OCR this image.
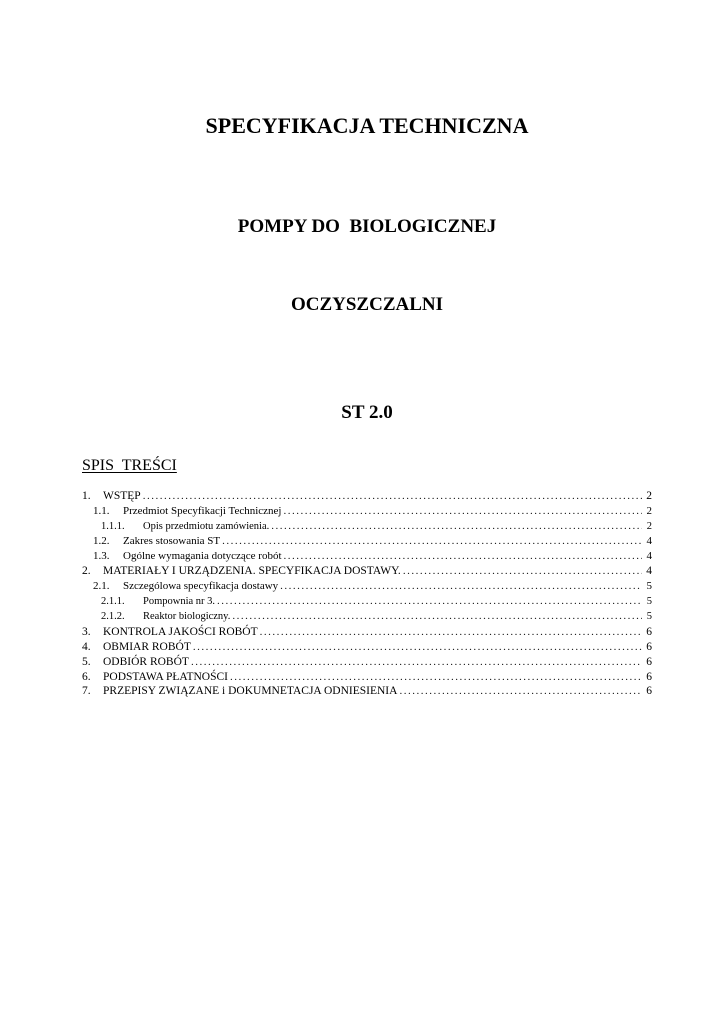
SPECYFIKACJA TECHNICZNA

POMPY DO  BIOLOGICZNEJ

OCZYSZCZALNI

ST 2.0
SPIS  TREŚCI
1.	WSTĘP .....	2
1.1.	Przedmiot Specyfikacji Technicznej .....	2
1.1.1.	Opis przedmiotu zamówienia. .....	2
1.2.	Zakres stosowania ST .....	4
1.3.	Ogólne wymagania dotyczące robót .....	4
2.	MATERIAŁY I URZĄDZENIA. SPECYFIKACJA DOSTAWY. .....	4
2.1.	Szczególowa specyfikacja dostawy .....	5
2.1.1.	Pompownia nr 3. .....	5
2.1.2.	Reaktor biologiczny. .....	5
3.	KONTROLA JAKOŚCI ROBÓT .....	6
4.	OBMIAR ROBÓT .....	6
5.	ODBIÓR ROBÓT .....	6
6.	PODSTAWA PŁATNOŚCI .....	6
7.	PRZEPISY ZWIĄZANE i DOKUMNETACJA ODNIESIENIA .....	6
